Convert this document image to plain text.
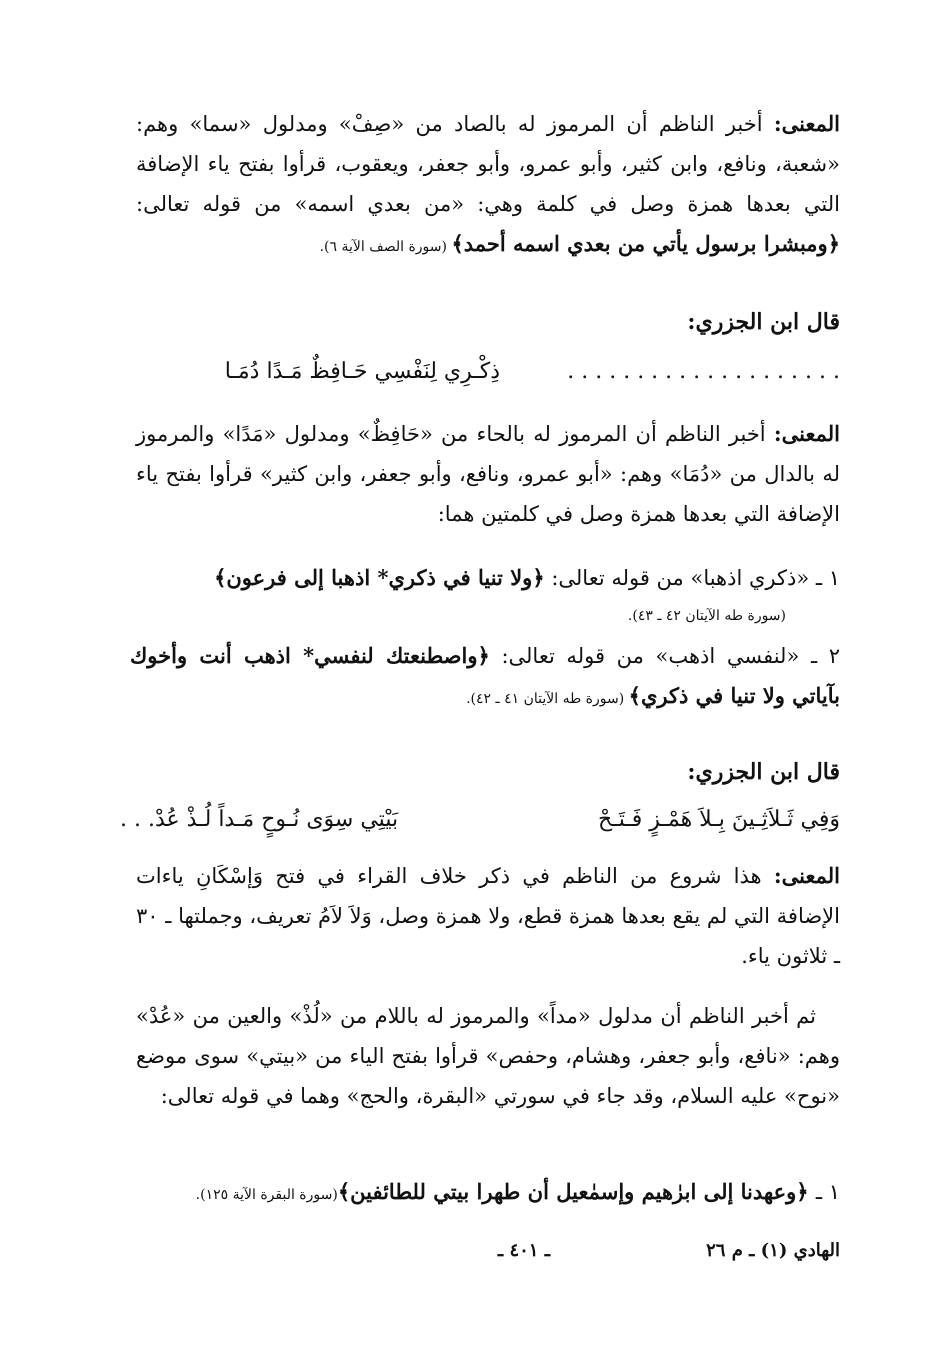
المعنى: أخبر الناظم أن المرموز له بالصاد من «صِفْ» ومدلول «سما» وهم: «شعبة، ونافع، وابن كثير، وأبو عمرو، وأبو جعفر، ويعقوب، قرأوا بفتح ياء الإضافة التي بعدها همزة وصل في كلمة وهي: «من بعدي اسمه» من قوله تعالى: ﴿ومبشرا برسول يأتي من بعدي اسمه أحمد﴾ (سورة الصف الآية ٦).
قال ابن الجزري:
ذِكْـرِي لِنَفْسِي حَـافِظٌ مَـدًا دُمَـا	. . . . . . . . . . . . . . . . . . . .
المعنى: أخبر الناظم أن المرموز له بالحاء من «حَافِظٌ» ومدلول «مَدًا» والمرموز له بالدال من «دُمَا» وهم: «أبو عمرو، ونافع، وأبو جعفر، وابن كثير» قرأوا بفتح ياء الإضافة التي بعدها همزة وصل في كلمتين هما:
١ ـ «ذكري اذهبا» من قوله تعالى: ﴿ولا تنيا في ذكري* اذهبا إلى فرعون﴾
(سورة طه الآيتان ٤٢ ـ ٤٣).
٢ ـ «لنفسي اذهب» من قوله تعالى: ﴿واصطنعتك لنفسي* اذهب أنت وأخوك بآياتي ولا تنيا في ذكري﴾ (سورة طه الآيتان ٤١ ـ ٤٢).
قال ابن الجزري:
وَفِي ثَـلاَثِـينَ بِـلاَ هَمْـزٍ فَـتَـحْ
بَيْتِي سِوَى نُـوحٍ مَـداً لُـذْ عُدْ. . .
المعنى: هذا شروع من الناظم في ذكر خلاف القراء في فتح وَإسْكَانِ ياءات الإضافة التي لم يقع بعدها همزة قطع، ولا همزة وصل، وَلاَ لاَمُ تعريف، وجملتها ـ ٣٠ ـ ثلاثون ياء.
ثم أخبر الناظم أن مدلول «مداً» والمرموز له باللام من «لُذْ» والعين من «عُدْ» وهم: «نافع، وأبو جعفر، وهشام، وحفص» قرأوا بفتح الياء من «بيتي» سوى موضع «نوح» عليه السلام، وقد جاء في سورتي «البقرة، والحج» وهما في قوله تعالى:
١ ـ ﴿وعهدنا إلى ابرٰهيم وإسمٰعيل أن طهرا بيتي للطائفين﴾(سورة البقرة الآية ١٢٥).
الهادي (١) ـ م ٢٦
ـ ٤٠١ ـ
